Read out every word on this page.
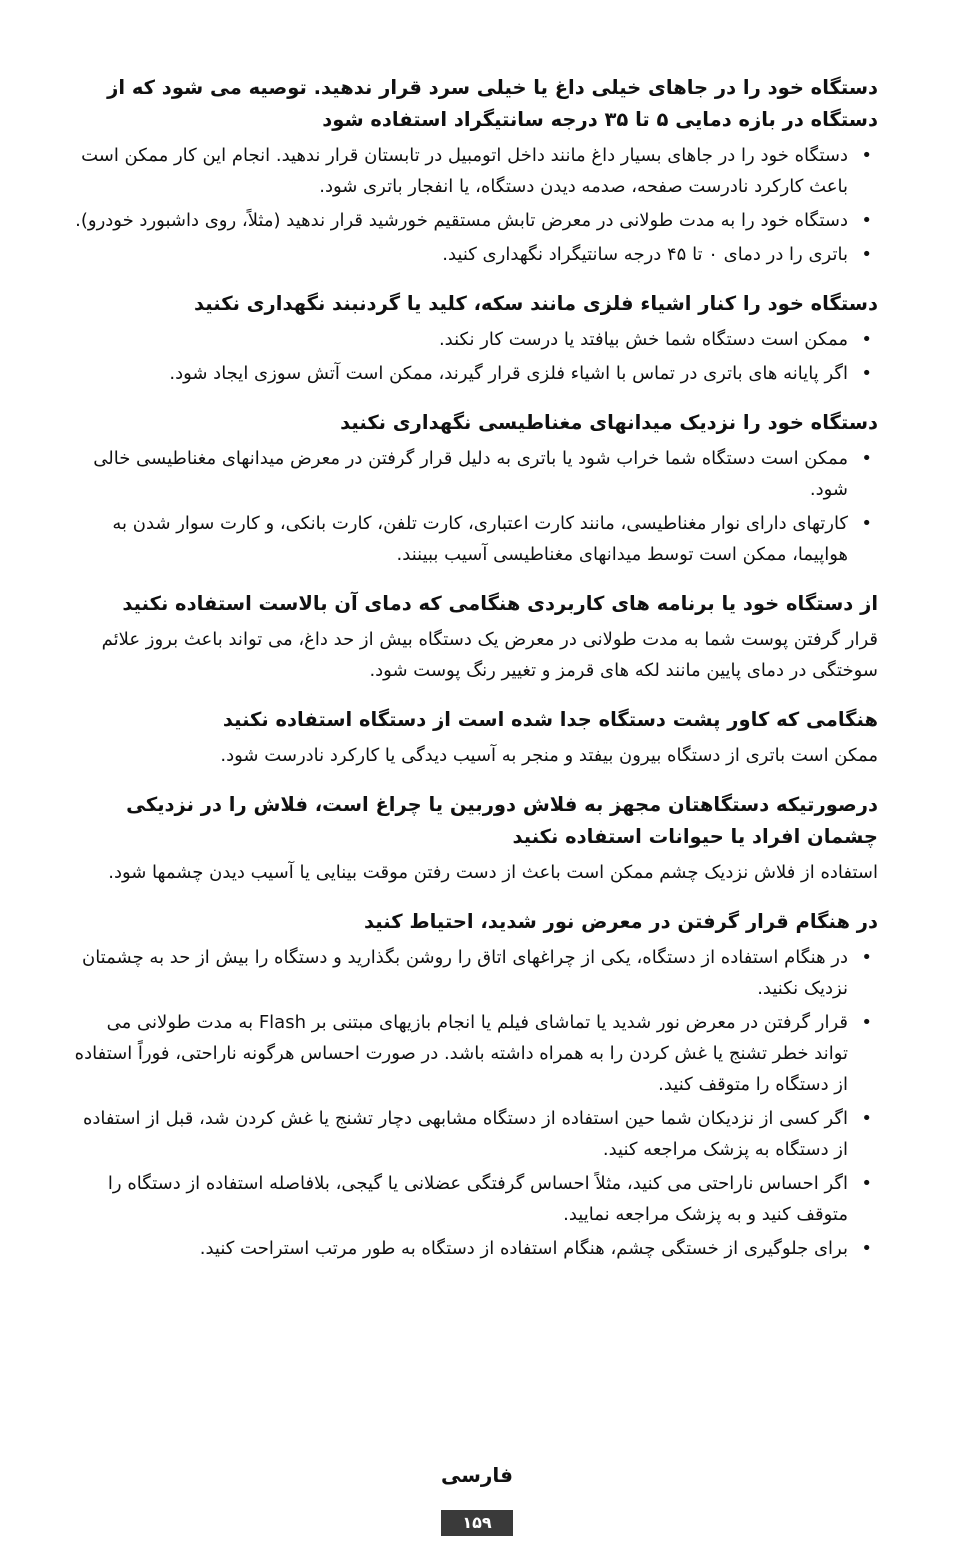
دستگاه خود را در جاهای خیلی داغ یا خیلی سرد قرار ندهید. توصیه می شود که از دستگاه در بازه دمایی ۵ تا ۳۵ درجه سانتیگراد استفاده شود
• دستگاه خود را در جاهای بسیار داغ مانند داخل اتومبیل در تابستان قرار ندهید. انجام این کار ممکن است باعث کارکرد نادرست صفحه، صدمه دیدن دستگاه، یا انفجار باتری شود.
• دستگاه خود را به مدت طولانی در معرض تابش مستقیم خورشید قرار ندهید (مثلاً، روی داشبورد خودرو).
• باتری را در دمای ۰ تا ۴۵ درجه سانتیگراد نگهداری کنید.
دستگاه خود را کنار اشیاء فلزی مانند سکه، کلید یا گردنبند نگهداری نکنید
• ممکن است دستگاه شما خش بیافتد یا درست کار نکند.
• اگر پایانه های باتری در تماس با اشیاء فلزی قرار گیرند، ممکن است آتش سوزی ایجاد شود.
دستگاه خود را نزدیک میدانهای مغناطیسی نگهداری نکنید
• ممکن است دستگاه شما خراب شود یا باتری به دلیل قرار گرفتن در معرض میدانهای مغناطیسی خالی شود.
• کارتهای دارای نوار مغناطیسی، مانند کارت اعتباری، کارت تلفن، کارت بانکی، و کارت سوار شدن به هواپیما، ممکن است توسط میدانهای مغناطیسی آسیب ببینند.
از دستگاه خود یا برنامه های کاربردی هنگامی که دمای آن بالاست استفاده نکنید

قرار گرفتن پوست شما به مدت طولانی در معرض یک دستگاه بیش از حد داغ، می تواند باعث بروز علائم سوختگی در دمای پایین مانند لکه های قرمز و تغییر رنگ پوست شود.

هنگامی که کاور پشت دستگاه جدا شده است از دستگاه استفاده نکنید

ممکن است باتری از دستگاه بیرون بیفتد و منجر به آسیب دیدگی یا کارکرد نادرست شود.

درصورتیکه دستگاهتان مجهز به فلاش دوربین یا چراغ است، فلاش را در نزدیکی چشمان افراد یا حیوانات استفاده نکنید

استفاده از فلاش نزدیک چشم ممکن است باعث از دست رفتن موقت بینایی یا آسیب دیدن چشمها شود.

در هنگام قرار گرفتن در معرض نور شدید، احتیاط کنید
• در هنگام استفاده از دستگاه، یکی از چراغهای اتاق را روشن بگذارید و دستگاه را بیش از حد به چشمتان نزدیک نکنید.
• قرار گرفتن در معرض نور شدید یا تماشای فیلم یا انجام بازیهای مبتنی بر Flash به مدت طولانی می تواند خطر تشنج یا غش کردن را به همراه داشته باشد. در صورت احساس هرگونه ناراحتی، فوراً استفاده از دستگاه را متوقف کنید.
• اگر کسی از نزدیکان شما حین استفاده از دستگاه مشابهی دچار تشنج یا غش کردن شد، قبل از استفاده از دستگاه به پزشک مراجعه کنید.
• اگر احساس ناراحتی می کنید، مثلاً احساس گرفتگی عضلانی یا گیجی، بلافاصله استفاده از دستگاه را متوقف کنید و به پزشک مراجعه نمایید.
• برای جلوگیری از خستگی چشم، هنگام استفاده از دستگاه به طور مرتب استراحت کنید.
فارسی
۱۵۹
